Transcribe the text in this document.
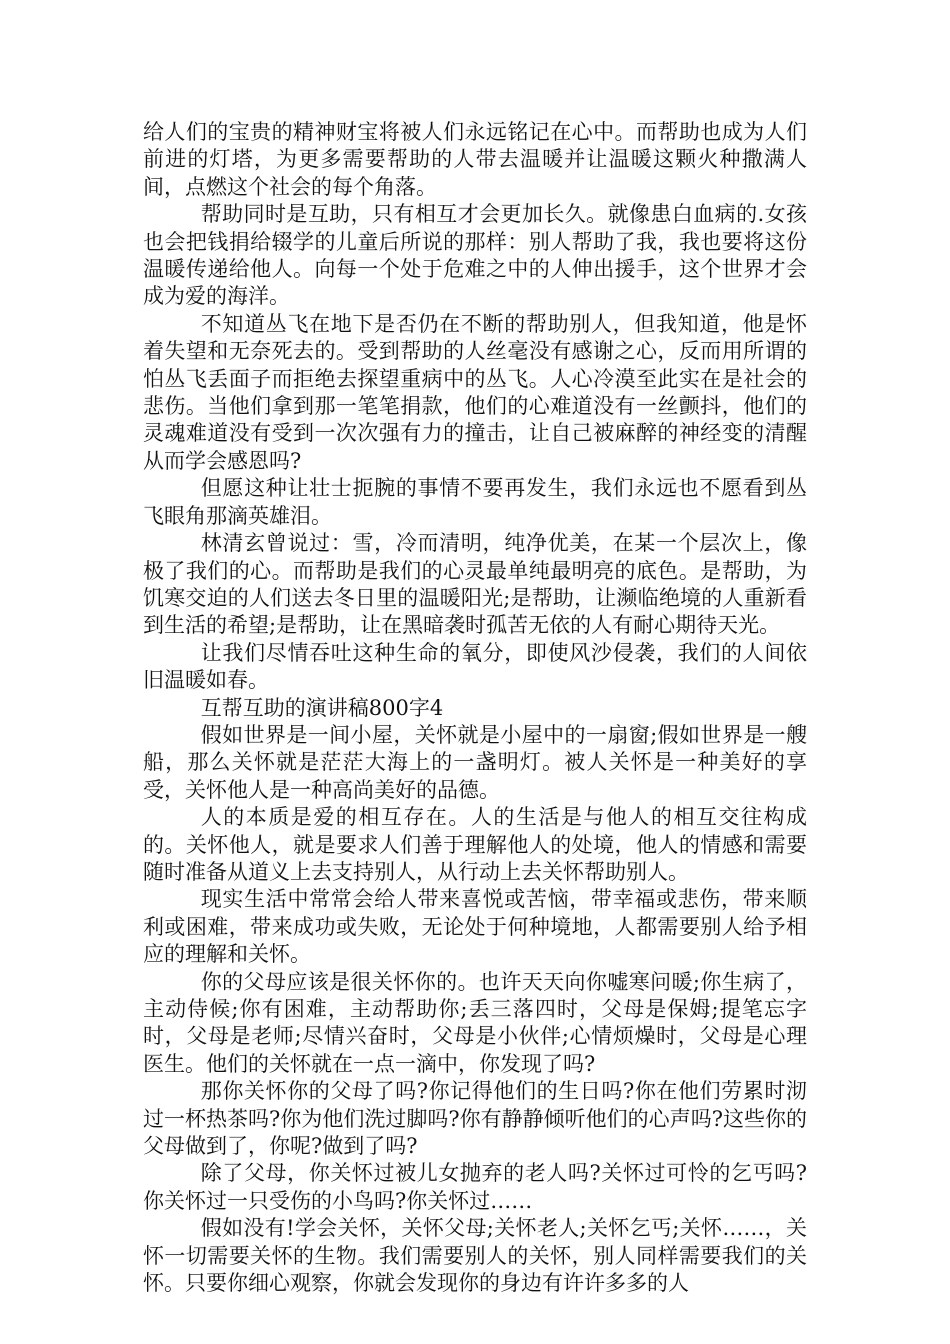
给人们的宝贵的精神财宝将被人们永远铭记在心中。而帮助也成为人们前进的灯塔，为更多需要帮助的人带去温暖并让温暖这颗火种撒满人间，点燃这个社会的每个角落。

帮助同时是互助，只有相互才会更加长久。就像患白血病的.女孩也会把钱捐给辍学的儿童后所说的那样：别人帮助了我，我也要将这份温暖传递给他人。向每一个处于危难之中的人伸出援手，这个世界才会成为爱的海洋。

不知道丛飞在地下是否仍在不断的帮助别人，但我知道，他是怀着失望和无奈死去的。受到帮助的人丝毫没有感谢之心，反而用所谓的怕丛飞丢面子而拒绝去探望重病中的丛飞。人心冷漠至此实在是社会的悲伤。当他们拿到那一笔笔捐款，他们的心难道没有一丝颤抖，他们的灵魂难道没有受到一次次强有力的撞击，让自己被麻醉的神经变的清醒从而学会感恩吗?

但愿这种让壮士扼腕的事情不要再发生，我们永远也不愿看到丛飞眼角那滴英雄泪。

林清玄曾说过：雪，冷而清明，纯净优美，在某一个层次上，像极了我们的心。而帮助是我们的心灵最单纯最明亮的底色。是帮助，为饥寒交迫的人们送去冬日里的温暖阳光;是帮助，让濒临绝境的人重新看到生活的希望;是帮助，让在黑暗袭时孤苦无依的人有耐心期待天光。

让我们尽情吞吐这种生命的氧分，即使风沙侵袭，我们的人间依旧温暖如春。

互帮互助的演讲稿800字4

假如世界是一间小屋，关怀就是小屋中的一扇窗;假如世界是一艘船，那么关怀就是茫茫大海上的一盏明灯。被人关怀是一种美好的享受，关怀他人是一种高尚美好的品德。

人的本质是爱的相互存在。人的生活是与他人的相互交往构成的。关怀他人，就是要求人们善于理解他人的处境，他人的情感和需要随时准备从道义上去支持别人，从行动上去关怀帮助别人。

现实生活中常常会给人带来喜悦或苦恼，带幸福或悲伤，带来顺利或困难，带来成功或失败，无论处于何种境地，人都需要别人给予相应的理解和关怀。

你的父母应该是很关怀你的。也许天天向你嘘寒问暖;你生病了，主动侍候;你有困难，主动帮助你;丢三落四时，父母是保姆;提笔忘字时，父母是老师;尽情兴奋时，父母是小伙伴;心情烦燥时，父母是心理医生。他们的关怀就在一点一滴中，你发现了吗?

那你关怀你的父母了吗?你记得他们的生日吗?你在他们劳累时沏过一杯热茶吗?你为他们洗过脚吗?你有静静倾听他们的心声吗?这些你的父母做到了，你呢?做到了吗?

除了父母，你关怀过被儿女抛弃的老人吗?关怀过可怜的乞丐吗?你关怀过一只受伤的小鸟吗?你关怀过……

假如没有!学会关怀，关怀父母;关怀老人;关怀乞丐;关怀……，关怀一切需要关怀的生物。我们需要别人的关怀，别人同样需要我们的关怀。只要你细心观察，你就会发现你的身边有许许多多的人
